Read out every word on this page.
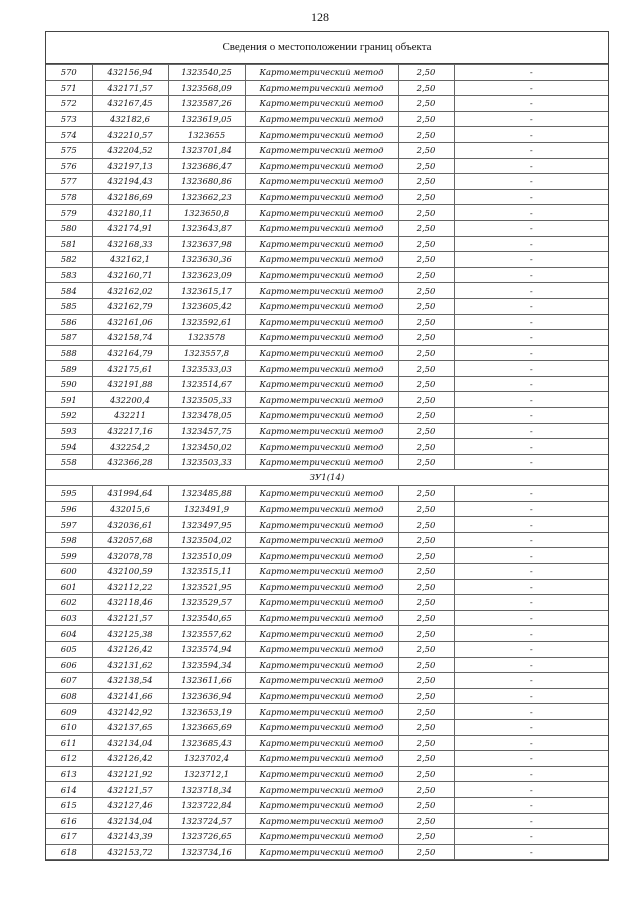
128
Сведения о местоположении границ объекта
570	432156,94	1323540,25	Картометрический метод	2,50	-
571	432171,57	1323568,09	Картометрический метод	2,50	-
572	432167,45	1323587,26	Картометрический метод	2,50	-
573	432182,6	1323619,05	Картометрический метод	2,50	-
574	432210,57	1323655	Картометрический метод	2,50	-
575	432204,52	1323701,84	Картометрический метод	2,50	-
576	432197,13	1323686,47	Картометрический метод	2,50	-
577	432194,43	1323680,86	Картометрический метод	2,50	-
578	432186,69	1323662,23	Картометрический метод	2,50	-
579	432180,11	1323650,8	Картометрический метод	2,50	-
580	432174,91	1323643,87	Картометрический метод	2,50	-
581	432168,33	1323637,98	Картометрический метод	2,50	-
582	432162,1	1323630,36	Картометрический метод	2,50	-
583	432160,71	1323623,09	Картометрический метод	2,50	-
584	432162,02	1323615,17	Картометрический метод	2,50	-
585	432162,79	1323605,42	Картометрический метод	2,50	-
586	432161,06	1323592,61	Картометрический метод	2,50	-
587	432158,74	1323578	Картометрический метод	2,50	-
588	432164,79	1323557,8	Картометрический метод	2,50	-
589	432175,61	1323533,03	Картометрический метод	2,50	-
590	432191,88	1323514,67	Картометрический метод	2,50	-
591	432200,4	1323505,33	Картометрический метод	2,50	-
592	432211	1323478,05	Картометрический метод	2,50	-
593	432217,16	1323457,75	Картометрический метод	2,50	-
594	432254,2	1323450,02	Картометрический метод	2,50	-
558	432366,28	1323503,33	Картометрический метод	2,50	-
ЗУ1(14)					
595	431994,64	1323485,88	Картометрический метод	2,50	-
596	432015,6	1323491,9	Картометрический метод	2,50	-
597	432036,61	1323497,95	Картометрический метод	2,50	-
598	432057,68	1323504,02	Картометрический метод	2,50	-
599	432078,78	1323510,09	Картометрический метод	2,50	-
600	432100,59	1323515,11	Картометрический метод	2,50	-
601	432112,22	1323521,95	Картометрический метод	2,50	-
602	432118,46	1323529,57	Картометрический метод	2,50	-
603	432121,57	1323540,65	Картометрический метод	2,50	-
604	432125,38	1323557,62	Картометрический метод	2,50	-
605	432126,42	1323574,94	Картометрический метод	2,50	-
606	432131,62	1323594,34	Картометрический метод	2,50	-
607	432138,54	1323611,66	Картометрический метод	2,50	-
608	432141,66	1323636,94	Картометрический метод	2,50	-
609	432142,92	1323653,19	Картометрический метод	2,50	-
610	432137,65	1323665,69	Картометрический метод	2,50	-
611	432134,04	1323685,43	Картометрический метод	2,50	-
612	432126,42	1323702,4	Картометрический метод	2,50	-
613	432121,92	1323712,1	Картометрический метод	2,50	-
614	432121,57	1323718,34	Картометрический метод	2,50	-
615	432127,46	1323722,84	Картометрический метод	2,50	-
616	432134,04	1323724,57	Картометрический метод	2,50	-
617	432143,39	1323726,65	Картометрический метод	2,50	-
618	432153,72	1323734,16	Картометрический метод	2,50	-
